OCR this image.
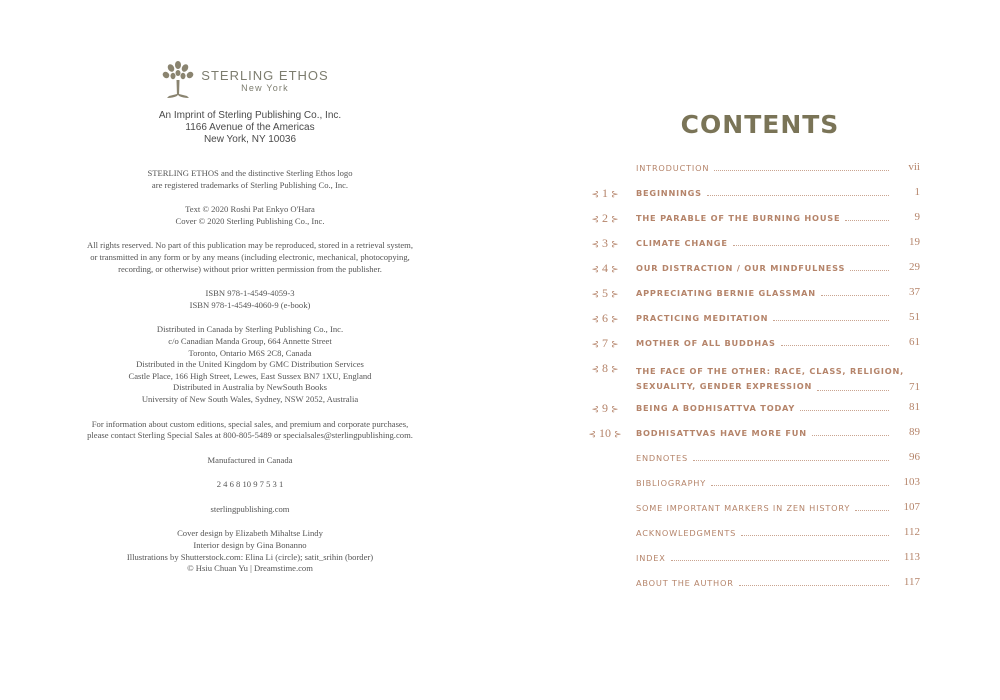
STERLING ETHOS
New York
An Imprint of Sterling Publishing Co., Inc.
1166 Avenue of the Americas
New York, NY 10036

STERLING ETHOS and the distinctive Sterling Ethos logo

are registered trademarks of Sterling Publishing Co., Inc.

Text © 2020 Roshi Pat Enkyo O'Hara

Cover © 2020 Sterling Publishing Co., Inc.

All rights reserved. No part of this publication may be reproduced, stored in a retrieval system,

or transmitted in any form or by any means (including electronic, mechanical, photocopying,

recording, or otherwise) without prior written permission from the publisher.

ISBN 978-1-4549-4059-3

ISBN 978-1-4549-4060-9 (e-book)

Distributed in Canada by Sterling Publishing Co., Inc.

c/o Canadian Manda Group, 664 Annette Street

Toronto, Ontario M6S 2C8, Canada

Distributed in the United Kingdom by GMC Distribution Services

Castle Place, 166 High Street, Lewes, East Sussex BN7 1XU, England

Distributed in Australia by NewSouth Books

University of New South Wales, Sydney, NSW 2052, Australia

For information about custom editions, special sales, and premium and corporate purchases,

please contact Sterling Special Sales at 800-805-5489 or specialsales@sterlingpublishing.com.

Manufactured in Canada

2 4 6 8 10 9 7 5 3 1

sterlingpublishing.com

Cover design by Elizabeth Mihaltse Lindy

Interior design by Gina Bonanno

Illustrations by Shutterstock.com: Elina Li (circle); satit_srihin (border)

© Hsiu Chuan Yu | Dreamstime.com

CONTENTS
INTRODUCTION	vii
⊰ 1 ⊱	BEGINNINGS	1
⊰ 2 ⊱	THE PARABLE OF THE BURNING HOUSE	9
⊰ 3 ⊱	CLIMATE CHANGE	19
⊰ 4 ⊱	OUR DISTRACTION / OUR MINDFULNESS	29
⊰ 5 ⊱	APPRECIATING BERNIE GLASSMAN	37
⊰ 6 ⊱	PRACTICING MEDITATION	51
⊰ 7 ⊱	MOTHER OF ALL BUDDHAS	61
⊰ 8 ⊱	THE FACE OF THE OTHER: RACE, CLASS, RELIGION,
SEXUALITY, GENDER EXPRESSION	71
⊰ 9 ⊱	BEING A BODHISATTVA TODAY	81
⊰ 10 ⊱	BODHISATTVAS HAVE MORE FUN	89
ENDNOTES	96
BIBLIOGRAPHY	103
SOME IMPORTANT MARKERS IN ZEN HISTORY	107
ACKNOWLEDGMENTS	112
INDEX	113
ABOUT THE AUTHOR	117
